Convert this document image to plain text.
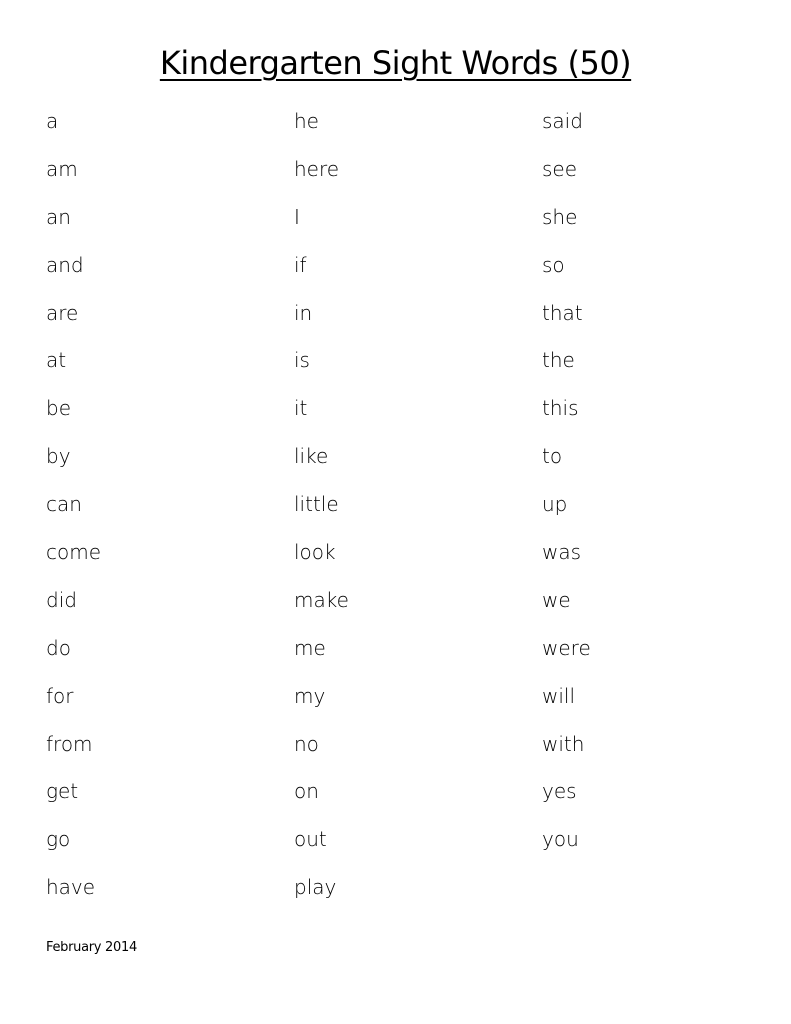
Kindergarten Sight Words (50)
a
am
an
and
are
at
be
by
can
come
did
do
for
from
get
go
have
he
here
I
if
in
is
it
like
little
look
make
me
my
no
on
out
play
said
see
she
so
that
the
this
to
up
was
we
were
will
with
yes
you
February 2014
